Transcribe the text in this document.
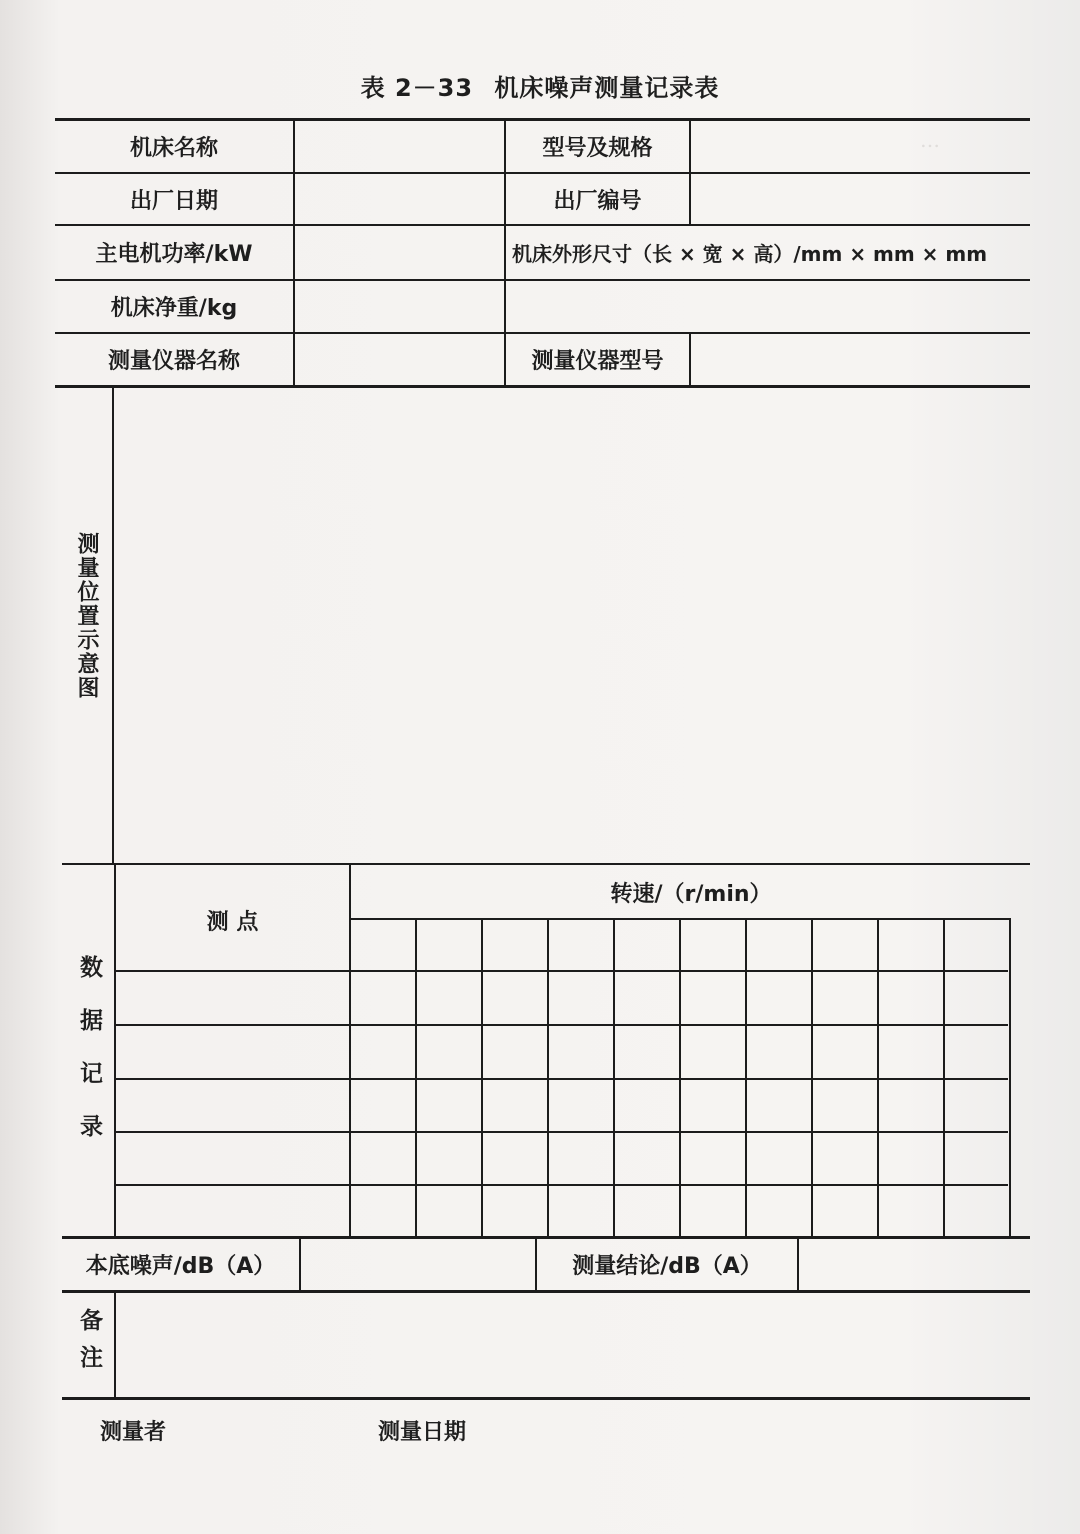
…
表 2－33 机床噪声测量记录表
机床名称	型号及规格
出厂日期	出厂编号
主电机功率/kW	机床外形尺寸（长 × 宽 × 高）/mm × mm × mm
机床净重/kg
测量仪器名称	测量仪器型号
测量位置示意图
测 点
转速/（r/min）
数据记录
本底噪声/dB（A）	测量结论/dB（A）
备注
测量者	测量日期
